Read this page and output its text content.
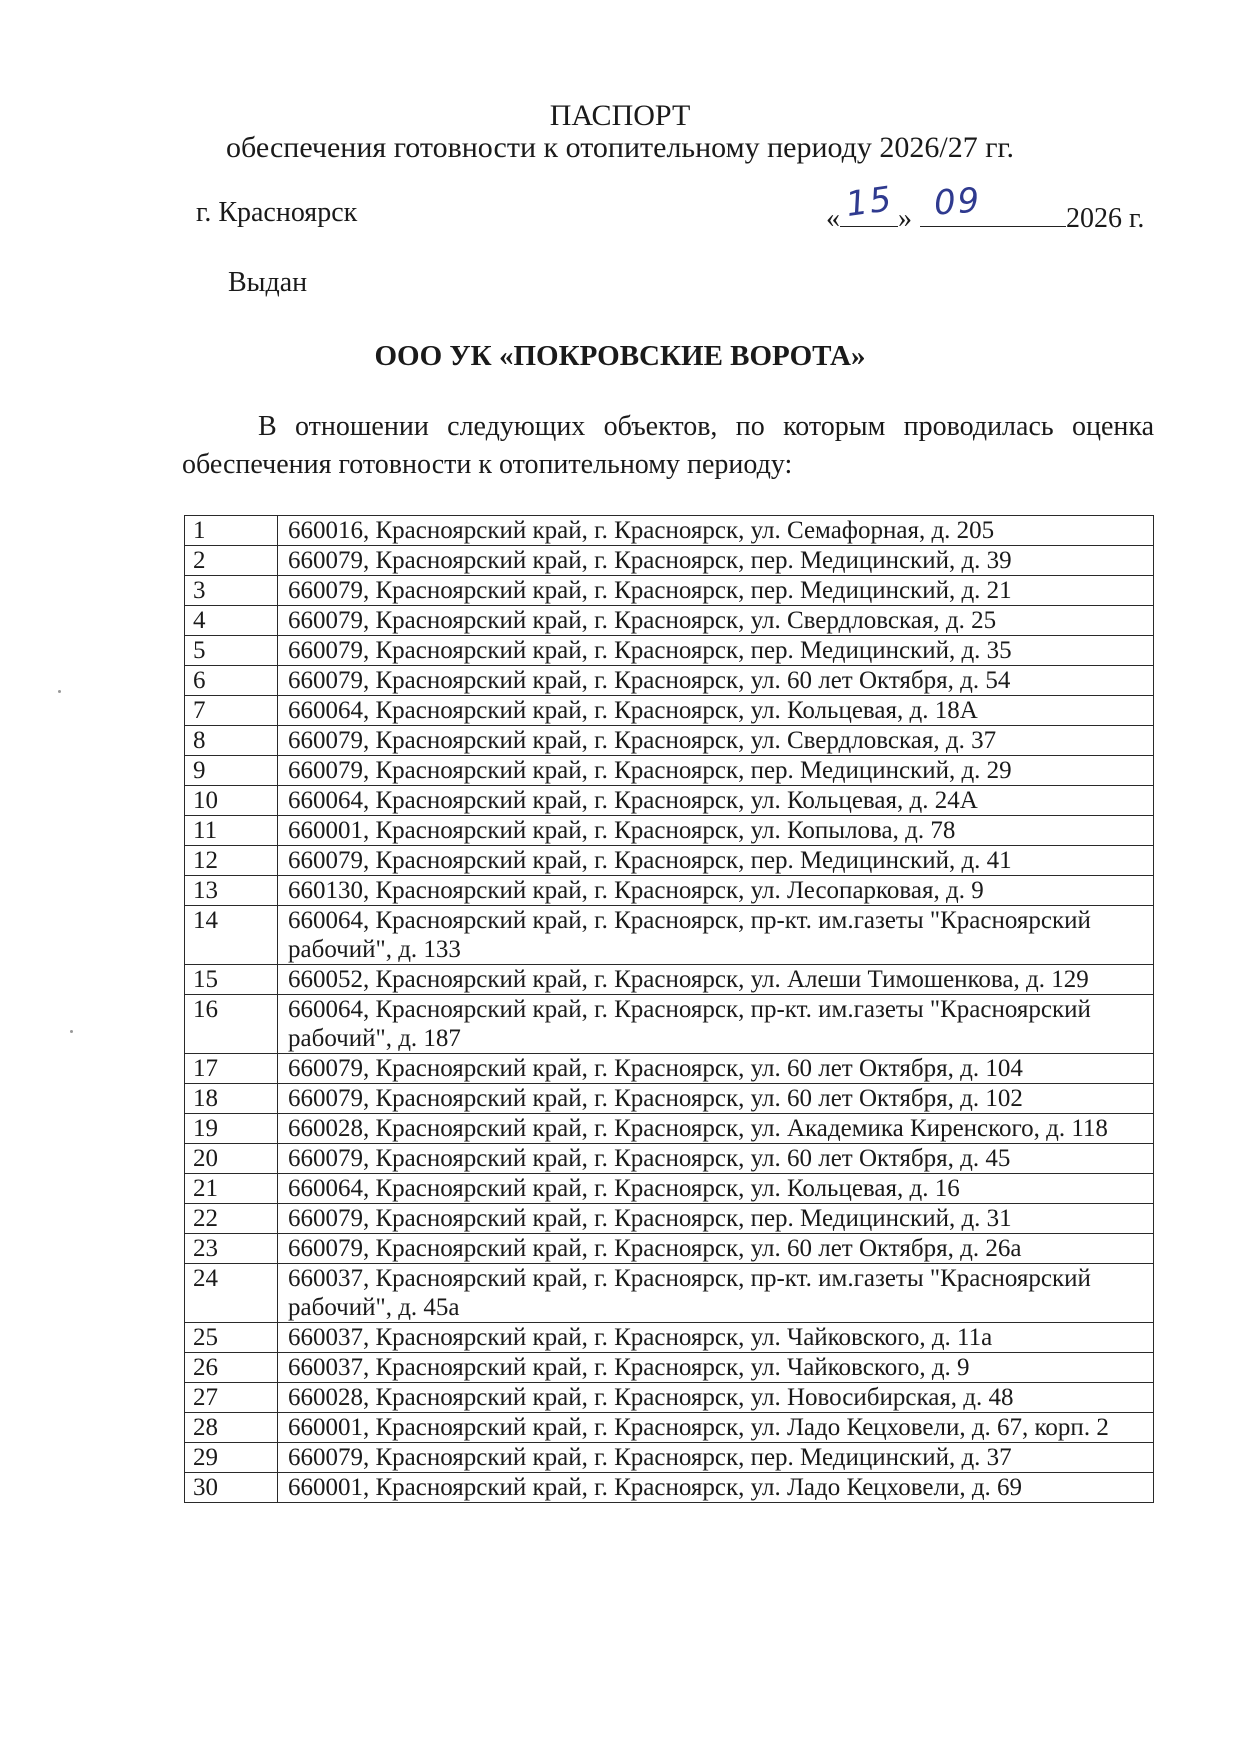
ПАСПОРТ
обеспечения готовности к отопительному периоду 2026/27 гг.
г. Красноярск	« 15 » 09	2026 г.
Выдан
ООО УК «ПОКРОВСКИЕ ВОРОТА»
В отношении следующих объектов, по которым проводилась оценка обеспечения готовности к отопительному периоду:
1	660016, Красноярский край, г. Красноярск, ул. Семафорная, д. 205
2	660079, Красноярский край, г. Красноярск, пер. Медицинский, д. 39
3	660079, Красноярский край, г. Красноярск, пер. Медицинский, д. 21
4	660079, Красноярский край, г. Красноярск, ул. Свердловская, д. 25
5	660079, Красноярский край, г. Красноярск, пер. Медицинский, д. 35
6	660079, Красноярский край, г. Красноярск, ул. 60 лет Октября, д. 54
7	660064, Красноярский край, г. Красноярск, ул. Кольцевая, д. 18А
8	660079, Красноярский край, г. Красноярск, ул. Свердловская, д. 37
9	660079, Красноярский край, г. Красноярск, пер. Медицинский, д. 29
10	660064, Красноярский край, г. Красноярск, ул. Кольцевая, д. 24А
11	660001, Красноярский край, г. Красноярск, ул. Копылова, д. 78
12	660079, Красноярский край, г. Красноярск, пер. Медицинский, д. 41
13	660130, Красноярский край, г. Красноярск, ул. Лесопарковая, д. 9
14	660064, Красноярский край, г. Красноярск, пр-кт. им.газеты "Красноярский рабочий", д. 133
15	660052, Красноярский край, г. Красноярск, ул. Алеши Тимошенкова, д. 129
16	660064, Красноярский край, г. Красноярск, пр-кт. им.газеты "Красноярский рабочий", д. 187
17	660079, Красноярский край, г. Красноярск, ул. 60 лет Октября, д. 104
18	660079, Красноярский край, г. Красноярск, ул. 60 лет Октября, д. 102
19	660028, Красноярский край, г. Красноярск, ул. Академика Киренского, д. 118
20	660079, Красноярский край, г. Красноярск, ул. 60 лет Октября, д. 45
21	660064, Красноярский край, г. Красноярск, ул. Кольцевая, д. 16
22	660079, Красноярский край, г. Красноярск, пер. Медицинский, д. 31
23	660079, Красноярский край, г. Красноярск, ул. 60 лет Октября, д. 26а
24	660037, Красноярский край, г. Красноярск, пр-кт. им.газеты "Красноярский рабочий", д. 45а
25	660037, Красноярский край, г. Красноярск, ул. Чайковского, д. 11а
26	660037, Красноярский край, г. Красноярск, ул. Чайковского, д. 9
27	660028, Красноярский край, г. Красноярск, ул. Новосибирская, д. 48
28	660001, Красноярский край, г. Красноярск, ул. Ладо Кецховели, д. 67, корп. 2
29	660079, Красноярский край, г. Красноярск, пер. Медицинский, д. 37
30	660001, Красноярский край, г. Красноярск, ул. Ладо Кецховели, д. 69
